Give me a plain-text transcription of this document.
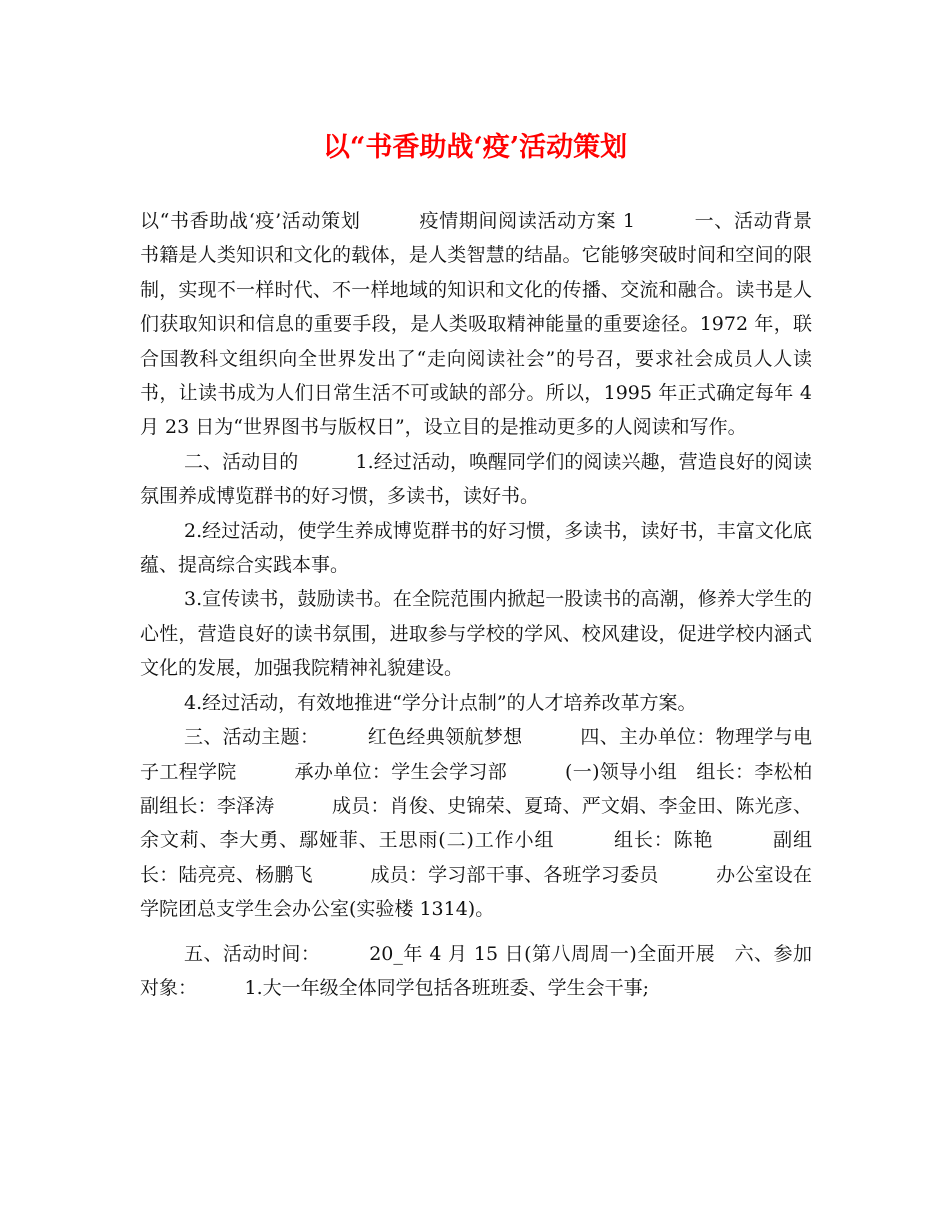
以“书香助战‘疫’活动策划

以“书香助战‘疫’活动策划　　　疫情期间阅读活动方案 1　　　一、活动背景　　　书籍是人类知识和文化的载体，是人类智慧的结晶。它能够突破时间和空间的限制，实现不一样时代、不一样地域的知识和文化的传播、交流和融合。读书是人们获取知识和信息的重要手段，是人类吸取精神能量的重要途径。1972 年，联合国教科文组织向全世界发出了“走向阅读社会”的号召，要求社会成员人人读书，让读书成为人们日常生活不可或缺的部分。所以，1995 年正式确定每年 4 月 23 日为“世界图书与版权日”，设立目的是推动更多的人阅读和写作。

二、活动目的　　　1.经过活动，唤醒同学们的阅读兴趣，营造良好的阅读氛围养成博览群书的好习惯，多读书，读好书。

2.经过活动，使学生养成博览群书的好习惯，多读书，读好书，丰富文化底蕴、提高综合实践本事。

3.宣传读书，鼓励读书。在全院范围内掀起一股读书的高潮，修养大学生的心性，营造良好的读书氛围，进取参与学校的学风、校风建设，促进学校内涵式文化的发展，加强我院精神礼貌建设。

4.经过活动，有效地推进“学分计点制”的人才培养改革方案。

三、活动主题：　　　红色经典领航梦想　　　四、主办单位：物理学与电子工程学院　　　承办单位：学生会学习部　　　(一)领导小组　组长：李松柏　　　副组长：李泽涛　　　成员：肖俊、史锦荣、夏琦、严文娟、李金田、陈光彦、余文莉、李大勇、鄢娅菲、王思雨(二)工作小组　　　组长：陈艳　　　副组长：陆亮亮、杨鹏飞　　　成员：学习部干事、各班学习委员　　　办公室设在学院团总支学生会办公室(实验楼 1314)。

五、活动时间：　　　20_年 4 月 15 日(第八周周一)全面开展　六、参加对象：　　　1.大一年级全体同学包括各班班委、学生会干事;
